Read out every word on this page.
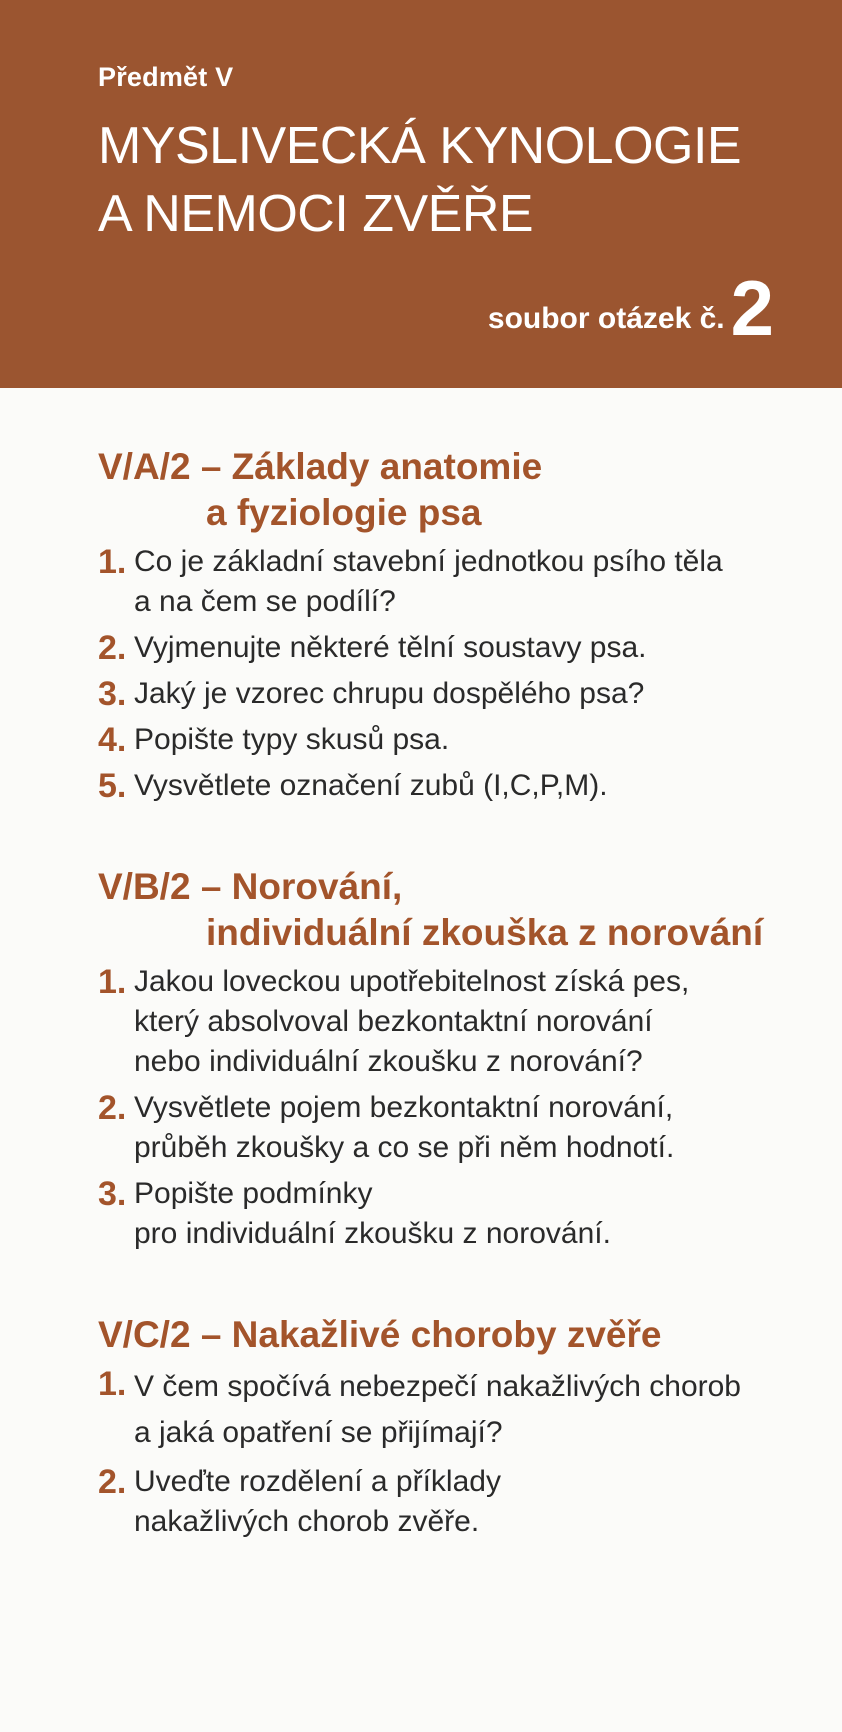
Předmět V
MYSLIVECKÁ KYNOLOGIE
A NEMOCI ZVĚŘE
soubor otázek č. 2
V/A/2 – Základy anatomie
a fyziologie psa
1. Co je základní stavební jednotkou psího těla
a na čem se podílí?
2. Vyjmenujte některé tělní soustavy psa.
3. Jaký je vzorec chrupu dospělého psa?
4. Popište typy skusů psa.
5. Vysvětlete označení zubů (I,C,P,M).
V/B/2 – Norování,
individuální zkouška z norování
1. Jakou loveckou upotřebitelnost získá pes,
který absolvoval bezkontaktní norování
nebo individuální zkoušku z norování?
2. Vysvětlete pojem bezkontaktní norování,
průběh zkoušky a co se při něm hodnotí.
3. Popište podmínky
pro individuální zkoušku z norování.
V/C/2 – Nakažlivé choroby zvěře
1. V čem spočívá nebezpečí nakažlivých chorob
a jaká opatření se přijímají?
2. Uveďte rozdělení a příklady
nakažlivých chorob zvěře.
